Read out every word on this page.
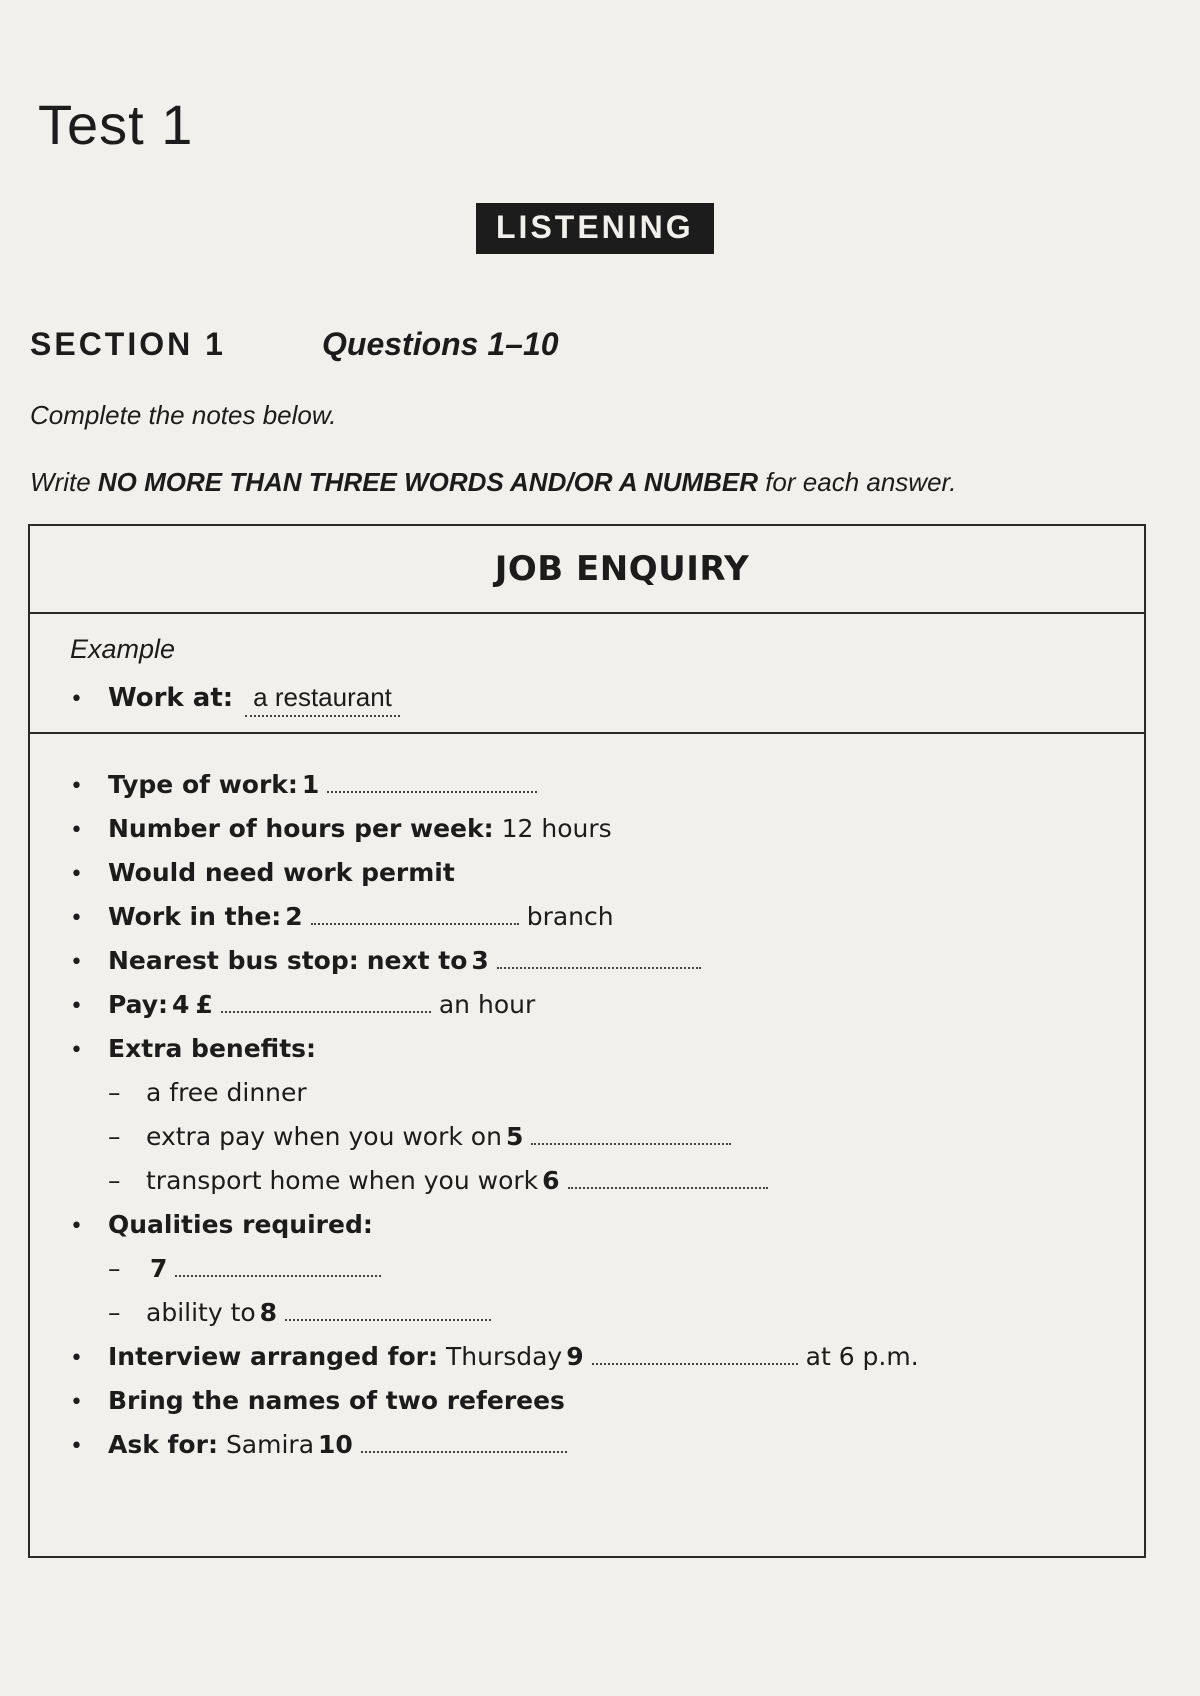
Test 1
LISTENING
SECTION 1	Questions 1–10
Complete the notes below.
Write NO MORE THAN THREE WORDS AND/OR A NUMBER for each answer.
JOB ENQUIRY
Example
• Work at: a restaurant
•	Type of work: 1
•	Number of hours per week: 12 hours
•	Would need work permit
•	Work in the: 2	branch
•	Nearest bus stop: next to 3
•	Pay: 4 £	an hour
•	Extra benefits:
–	a free dinner
–	extra pay when you work on 5
–	transport home when you work 6
•	Qualities required:
–	7
–	ability to 8
•	Interview arranged for: Thursday 9	at 6 p.m.
•	Bring the names of two referees
•	Ask for: Samira 10
